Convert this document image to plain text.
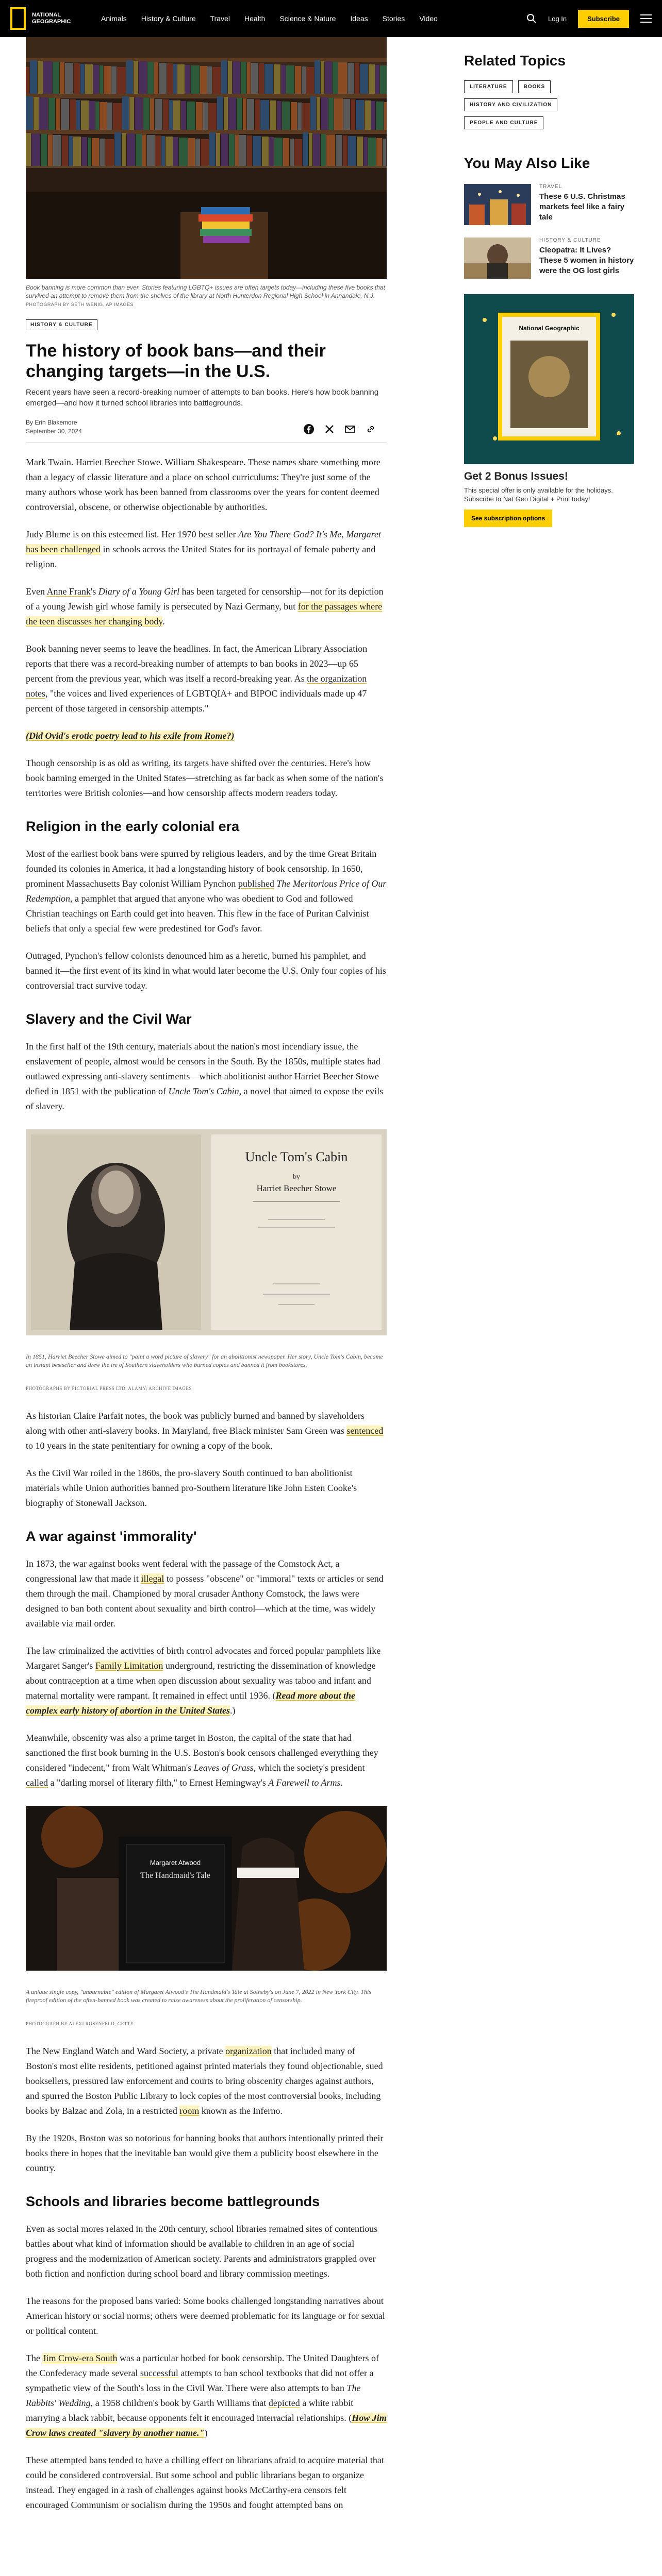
NATIONAL
GEOGRAPHIC	Animals	History & Culture	Travel	Health	Science & Nature	Ideas	Stories	Video	Log In	Subscribe

Book banning is more common than ever. Stories featuring LGBTQ+ issues are often targets today—including these five books that survived an attempt to remove them from the shelves of the library at North Hunterdon Regional High School in Annandale, N.J.

PHOTOGRAPH BY SETH WENIG, AP IMAGES

HISTORY & CULTURE
The history of book bans—and their changing targets—in the U.S.

Recent years have seen a record-breaking number of attempts to ban books. Here's how book banning emerged—and how it turned school libraries into battlegrounds.

By Erin Blakemore
September 30, 2024

Mark Twain. Harriet Beecher Stowe. William Shakespeare. These names share something more than a legacy of classic literature and a place on school curriculums: They're just some of the many authors whose work has been banned from classrooms over the years for content deemed controversial, obscene, or otherwise objectionable by authorities.

Judy Blume is on this esteemed list. Her 1970 best seller Are You There God? It's Me, Margaret has been challenged in schools across the United States for its portrayal of female puberty and religion.

Even Anne Frank's Diary of a Young Girl has been targeted for censorship—not for its depiction of a young Jewish girl whose family is persecuted by Nazi Germany, but for the passages where the teen discusses her changing body.

Book banning never seems to leave the headlines. In fact, the American Library Association reports that there was a record-breaking number of attempts to ban books in 2023—up 65 percent from the previous year, which was itself a record-breaking year. As the organization notes, "the voices and lived experiences of LGBTQIA+ and BIPOC individuals made up 47 percent of those targeted in censorship attempts."

(Did Ovid's erotic poetry lead to his exile from Rome?)

Though censorship is as old as writing, its targets have shifted over the centuries. Here's how book banning emerged in the United States—stretching as far back as when some of the nation's territories were British colonies—and how censorship affects modern readers today.

Religion in the early colonial era

Most of the earliest book bans were spurred by religious leaders, and by the time Great Britain founded its colonies in America, it had a longstanding history of book censorship. In 1650, prominent Massachusetts Bay colonist William Pynchon published The Meritorious Price of Our Redemption, a pamphlet that argued that anyone who was obedient to God and followed Christian teachings on Earth could get into heaven. This flew in the face of Puritan Calvinist beliefs that only a special few were predestined for God's favor.

Outraged, Pynchon's fellow colonists denounced him as a heretic, burned his pamphlet, and banned it—the first event of its kind in what would later become the U.S. Only four copies of his controversial tract survive today.

Slavery and the Civil War

In the first half of the 19th century, materials about the nation's most incendiary issue, the enslavement of people, almost would be censors in the South. By the 1850s, multiple states had outlawed expressing anti-slavery sentiments—which abolitionist author Harriet Beecher Stowe defied in 1851 with the publication of Uncle Tom's Cabin, a novel that aimed to expose the evils of slavery.

Uncle Tom's Cabin
by
Harriet Beecher Stowe

In 1851, Harriet Beecher Stowe aimed to "paint a word picture of slavery" for an abolitionist newspaper. Her story, Uncle Tom's Cabin, became an instant bestseller and drew the ire of Southern slaveholders who burned copies and banned it from bookstores.

PHOTOGRAPHS BY PICTORIAL PRESS LTD, ALAMY; ARCHIVE IMAGES

As historian Claire Parfait notes, the book was publicly burned and banned by slaveholders along with other anti-slavery books. In Maryland, free Black minister Sam Green was sentenced to 10 years in the state penitentiary for owning a copy of the book.

As the Civil War roiled in the 1860s, the pro-slavery South continued to ban abolitionist materials while Union authorities banned pro-Southern literature like John Esten Cooke's biography of Stonewall Jackson.

A war against 'immorality'

In 1873, the war against books went federal with the passage of the Comstock Act, a congressional law that made it illegal to possess "obscene" or "immoral" texts or articles or send them through the mail. Championed by moral crusader Anthony Comstock, the laws were designed to ban both content about sexuality and birth control—which at the time, was widely available via mail order.

The law criminalized the activities of birth control advocates and forced popular pamphlets like Margaret Sanger's Family Limitation underground, restricting the dissemination of knowledge about contraception at a time when open discussion about sexuality was taboo and infant and maternal mortality were rampant. It remained in effect until 1936. (Read more about the complex early history of abortion in the United States.)

Meanwhile, obscenity was also a prime target in Boston, the capital of the state that had sanctioned the first book burning in the U.S. Boston's book censors challenged everything they considered "indecent," from Walt Whitman's Leaves of Grass, which the society's president called a "darling morsel of literary filth," to Ernest Hemingway's A Farewell to Arms.

Margaret Atwood
The Handmaid's Tale

A unique single copy, "unburnable" edition of Margaret Atwood's The Handmaid's Tale at Sotheby's on June 7, 2022 in New York City. This fireproof edition of the often-banned book was created to raise awareness about the proliferation of censorship.

PHOTOGRAPH BY ALEXI ROSENFELD, GETTY

The New England Watch and Ward Society, a private organization that included many of Boston's most elite residents, petitioned against printed materials they found objectionable, sued booksellers, pressured law enforcement and courts to bring obscenity charges against authors, and spurred the Boston Public Library to lock copies of the most controversial books, including books by Balzac and Zola, in a restricted room known as the Inferno.

By the 1920s, Boston was so notorious for banning books that authors intentionally printed their books there in hopes that the inevitable ban would give them a publicity boost elsewhere in the country.

Schools and libraries become battlegrounds

Even as social mores relaxed in the 20th century, school libraries remained sites of contentious battles about what kind of information should be available to children in an age of social progress and the modernization of American society. Parents and administrators grappled over both fiction and nonfiction during school board and library commission meetings.

The reasons for the proposed bans varied: Some books challenged longstanding narratives about American history or social norms; others were deemed problematic for its language or for sexual or political content.

The Jim Crow-era South was a particular hotbed for book censorship. The United Daughters of the Confederacy made several successful attempts to ban school textbooks that did not offer a sympathetic view of the South's loss in the Civil War. There were also attempts to ban The Rabbits' Wedding, a 1958 children's book by Garth Williams that depicted a white rabbit marrying a black rabbit, because opponents felt it encouraged interracial relationships. (How Jim Crow laws created "slavery by another name.")

These attempted bans tended to have a chilling effect on librarians afraid to acquire material that could be considered controversial. But some school and public librarians began to organize instead. They engaged in a rash of challenges against books McCarthy-era censors felt encouraged Communism or socialism during the 1950s and fought attempted bans on

Related Topics
LITERATURE	BOOKS
HISTORY AND CIVILIZATION
PEOPLE AND CULTURE
You May Also Like
TRAVEL
These 6 U.S. Christmas markets feel like a fairy tale
HISTORY & CULTURE
Cleopatra: It Lives? These 5 women in history were the OG lost girls
National Geographic
Get 2 Bonus Issues!
This special offer is only available for the holidays. Subscribe to Nat Geo Digital + Print today!
See subscription options
